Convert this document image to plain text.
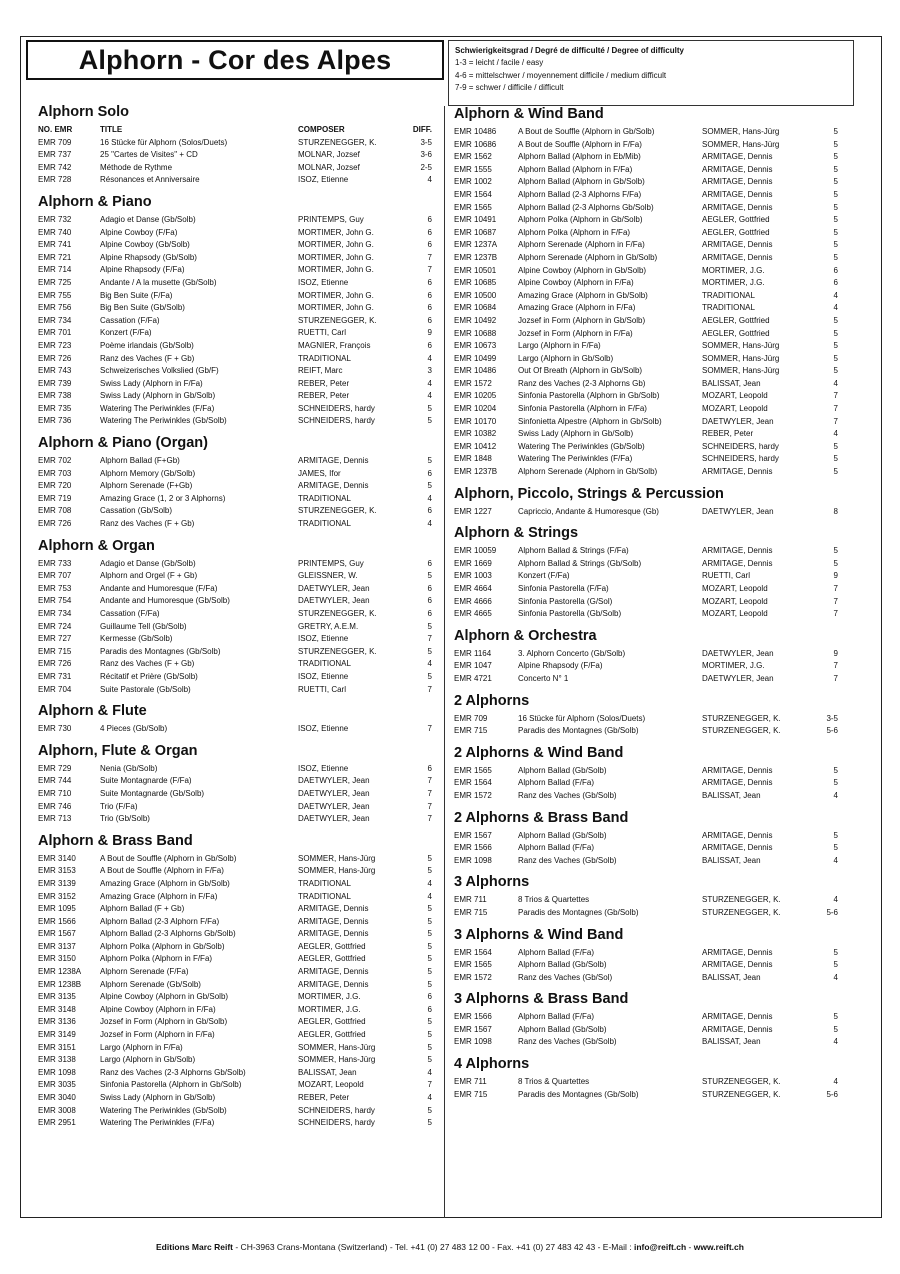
Alphorn - Cor des Alpes	Schwierigkeitsgrad / Degré de difficulté / Degree of difficulty
1-3 = leicht / facile / easy
4-6 = mittelschwer / moyennement difficile / medium difficult
7-9 = schwer / difficile / difficult
Alphorn Solo
NO. EMR	TITLE	COMPOSER	DIFF.
EMR 709	16 Stücke für Alphorn (Solos/Duets)	STURZENEGGER, K.	3-5
EMR 737	25 "Cartes de Visites" + CD	MOLNAR, Jozsef	3-6
EMR 742	Méthode de Rythme	MOLNAR, Jozsef	2-5
EMR 728	Résonances et Anniversaire	ISOZ, Etienne	4
Alphorn & Piano
EMR 732	Adagio et Danse (Gb/Solb)	PRINTEMPS, Guy	6
EMR 740	Alpine Cowboy (F/Fa)	MORTIMER, John G.	6
EMR 741	Alpine Cowboy (Gb/Solb)	MORTIMER, John G.	6
EMR 721	Alpine Rhapsody (Gb/Solb)	MORTIMER, John G.	7
EMR 714	Alpine Rhapsody (F/Fa)	MORTIMER, John G.	7
EMR 725	Andante / A la musette (Gb/Solb)	ISOZ, Etienne	6
EMR 755	Big Ben Suite (F/Fa)	MORTIMER, John G.	6
EMR 756	Big Ben Suite (Gb/Solb)	MORTIMER, John G.	6
EMR 734	Cassation (F/Fa)	STURZENEGGER, K.	6
EMR 701	Konzert (F/Fa)	RUETTI, Carl	9
EMR 723	Poème irlandais (Gb/Solb)	MAGNIER, François	6
EMR 726	Ranz des Vaches (F + Gb)	TRADITIONAL	4
EMR 743	Schweizerisches Volkslied (Gb/F)	REIFT, Marc	3
EMR 739	Swiss Lady (Alphorn in F/Fa)	REBER, Peter	4
EMR 738	Swiss Lady (Alphorn in Gb/Solb)	REBER, Peter	4
EMR 735	Watering The Periwinkles (F/Fa)	SCHNEIDERS, hardy	5
EMR 736	Watering The Periwinkles (Gb/Solb)	SCHNEIDERS, hardy	5
Alphorn & Piano (Organ)
EMR 702	Alphorn Ballad (F+Gb)	ARMITAGE, Dennis	5
EMR 703	Alphorn Memory (Gb/Solb)	JAMES, Ifor	6
EMR 720	Alphorn Serenade (F+Gb)	ARMITAGE, Dennis	5
EMR 719	Amazing Grace (1, 2 or 3 Alphorns)	TRADITIONAL	4
EMR 708	Cassation (Gb/Solb)	STURZENEGGER, K.	6
EMR 726	Ranz des Vaches (F + Gb)	TRADITIONAL	4
Alphorn & Organ
EMR 733	Adagio et Danse (Gb/Solb)	PRINTEMPS, Guy	6
EMR 707	Alphorn and Orgel (F + Gb)	GLEISSNER, W.	5
EMR 753	Andante and Humoresque (F/Fa)	DAETWYLER, Jean	6
EMR 754	Andante and Humoresque (Gb/Solb)	DAETWYLER, Jean	6
EMR 734	Cassation (F/Fa)	STURZENEGGER, K.	6
EMR 724	Guillaume Tell (Gb/Solb)	GRETRY, A.E.M.	5
EMR 727	Kermesse (Gb/Solb)	ISOZ, Etienne	7
EMR 715	Paradis des Montagnes (Gb/Solb)	STURZENEGGER, K.	5
EMR 726	Ranz des Vaches (F + Gb)	TRADITIONAL	4
EMR 731	Récitatif et Prière (Gb/Solb)	ISOZ, Etienne	5
EMR 704	Suite Pastorale (Gb/Solb)	RUETTI, Carl	7
Alphorn & Flute
EMR 730	4 Pieces (Gb/Solb)	ISOZ, Etienne	7
Alphorn, Flute & Organ
EMR 729	Nenia (Gb/Solb)	ISOZ, Etienne	6
EMR 744	Suite Montagnarde (F/Fa)	DAETWYLER, Jean	7
EMR 710	Suite Montagnarde (Gb/Solb)	DAETWYLER, Jean	7
EMR 746	Trio (F/Fa)	DAETWYLER, Jean	7
EMR 713	Trio (Gb/Solb)	DAETWYLER, Jean	7
Alphorn & Brass Band
EMR 3140	A Bout de Souffle (Alphorn in Gb/Solb)	SOMMER, Hans-Jürg	5
EMR 3153	A Bout de Souffle (Alphorn in F/Fa)	SOMMER, Hans-Jürg	5
EMR 3139	Amazing Grace (Alphorn in Gb/Solb)	TRADITIONAL	4
EMR 3152	Amazing Grace (Alphorn in F/Fa)	TRADITIONAL	4
EMR 1095	Alphorn Ballad (F + Gb)	ARMITAGE, Dennis	5
EMR 1566	Alphorn Ballad (2-3 Alphorn F/Fa)	ARMITAGE, Dennis	5
EMR 1567	Alphorn Ballad (2-3 Alphorns Gb/Solb)	ARMITAGE, Dennis	5
EMR 3137	Alphorn Polka (Alphorn in Gb/Solb)	AEGLER, Gottfried	5
EMR 3150	Alphorn Polka (Alphorn in F/Fa)	AEGLER, Gottfried	5
EMR 1238A	Alphorn Serenade (F/Fa)	ARMITAGE, Dennis	5
EMR 1238B	Alphorn Serenade (Gb/Solb)	ARMITAGE, Dennis	5
EMR 3135	Alpine Cowboy (Alphorn in Gb/Solb)	MORTIMER, J.G.	6
EMR 3148	Alpine Cowboy (Alphorn in F/Fa)	MORTIMER, J.G.	6
EMR 3136	Jozsef in Form (Alphorn in Gb/Solb)	AEGLER, Gottfried	5
EMR 3149	Jozsef in Form (Alphorn in F/Fa)	AEGLER, Gottfried	5
EMR 3151	Largo (Alphorn in F/Fa)	SOMMER, Hans-Jürg	5
EMR 3138	Largo (Alphorn in Gb/Solb)	SOMMER, Hans-Jürg	5
EMR 1098	Ranz des Vaches (2-3 Alphorns Gb/Solb)	BALISSAT, Jean	4
EMR 3035	Sinfonia Pastorella (Alphorn in Gb/Solb)	MOZART, Leopold	7
EMR 3040	Swiss Lady (Alphorn in Gb/Solb)	REBER, Peter	4
EMR 3008	Watering The Periwinkles (Gb/Solb)	SCHNEIDERS, hardy	5
EMR 2951	Watering The Periwinkles (F/Fa)	SCHNEIDERS, hardy	5
Alphorn & Wind Band
EMR 10486	A Bout de Souffle (Alphorn in Gb/Solb)	SOMMER, Hans-Jürg	5
EMR 10686	A Bout de Souffle (Alphorn in F/Fa)	SOMMER, Hans-Jürg	5
EMR 1562	Alphorn Ballad (Alphorn in Eb/Mib)	ARMITAGE, Dennis	5
EMR 1555	Alphorn Ballad (Alphorn in F/Fa)	ARMITAGE, Dennis	5
EMR 1002	Alphorn Ballad (Alphorn in Gb/Solb)	ARMITAGE, Dennis	5
EMR 1564	Alphorn Ballad (2-3 Alphorns F/Fa)	ARMITAGE, Dennis	5
EMR 1565	Alphorn Ballad (2-3 Alphorns Gb/Solb)	ARMITAGE, Dennis	5
EMR 10491	Alphorn Polka (Alphorn in Gb/Solb)	AEGLER, Gottfried	5
EMR 10687	Alphorn Polka (Alphorn in F/Fa)	AEGLER, Gottfried	5
EMR 1237A	Alphorn Serenade (Alphorn in F/Fa)	ARMITAGE, Dennis	5
EMR 1237B	Alphorn Serenade (Alphorn in Gb/Solb)	ARMITAGE, Dennis	5
EMR 10501	Alpine Cowboy (Alphorn in Gb/Solb)	MORTIMER, J.G.	6
EMR 10685	Alpine Cowboy (Alphorn in F/Fa)	MORTIMER, J.G.	6
EMR 10500	Amazing Grace (Alphorn in Gb/Solb)	TRADITIONAL	4
EMR 10684	Amazing Grace (Alphorn in F/Fa)	TRADITIONAL	4
EMR 10492	Jozsef in Form (Alphorn in Gb/Solb)	AEGLER, Gottfried	5
EMR 10688	Jozsef in Form (Alphorn in F/Fa)	AEGLER, Gottfried	5
EMR 10673	Largo (Alphorn in F/Fa)	SOMMER, Hans-Jürg	5
EMR 10499	Largo (Alphorn in Gb/Solb)	SOMMER, Hans-Jürg	5
EMR 10486	Out Of Breath (Alphorn in Gb/Solb)	SOMMER, Hans-Jürg	5
EMR 1572	Ranz des Vaches (2-3 Alphorns Gb)	BALISSAT, Jean	4
EMR 10205	Sinfonia Pastorella (Alphorn in Gb/Solb)	MOZART, Leopold	7
EMR 10204	Sinfonia Pastorella (Alphorn in F/Fa)	MOZART, Leopold	7
EMR 10170	Sinfonietta Alpestre (Alphorn in Gb/Solb)	DAETWYLER, Jean	7
EMR 10382	Swiss Lady (Alphorn in Gb/Solb)	REBER, Peter	4
EMR 10412	Watering The Periwinkles (Gb/Solb)	SCHNEIDERS, hardy	5
EMR 1848	Watering The Periwinkles (F/Fa)	SCHNEIDERS, hardy	5
EMR 1237B	Alphorn Serenade (Alphorn in Gb/Solb)	ARMITAGE, Dennis	5
Alphorn, Piccolo, Strings & Percussion
EMR 1227	Capriccio, Andante & Humoresque (Gb)	DAETWYLER, Jean	8
Alphorn & Strings
EMR 10059	Alphorn Ballad & Strings (F/Fa)	ARMITAGE, Dennis	5
EMR 1669	Alphorn Ballad & Strings (Gb/Solb)	ARMITAGE, Dennis	5
EMR 1003	Konzert (F/Fa)	RUETTI, Carl	9
EMR 4664	Sinfonia Pastorella (F/Fa)	MOZART, Leopold	7
EMR 4666	Sinfonia Pastorella (G/Sol)	MOZART, Leopold	7
EMR 4665	Sinfonia Pastorella (Gb/Solb)	MOZART, Leopold	7
Alphorn & Orchestra
EMR 1164	3. Alphorn Concerto (Gb/Solb)	DAETWYLER, Jean	9
EMR 1047	Alpine Rhapsody (F/Fa)	MORTIMER, J.G.	7
EMR 4721	Concerto N° 1	DAETWYLER, Jean	7
2 Alphorns
EMR 709	16 Stücke für Alphorn (Solos/Duets)	STURZENEGGER, K.	3-5
EMR 715	Paradis des Montagnes (Gb/Solb)	STURZENEGGER, K.	5-6
2 Alphorns & Wind Band
EMR 1565	Alphorn Ballad (Gb/Solb)	ARMITAGE, Dennis	5
EMR 1564	Alphorn Ballad (F/Fa)	ARMITAGE, Dennis	5
EMR 1572	Ranz des Vaches (Gb/Solb)	BALISSAT, Jean	4
2 Alphorns & Brass Band
EMR 1567	Alphorn Ballad (Gb/Solb)	ARMITAGE, Dennis	5
EMR 1566	Alphorn Ballad (F/Fa)	ARMITAGE, Dennis	5
EMR 1098	Ranz des Vaches (Gb/Solb)	BALISSAT, Jean	4
3 Alphorns
EMR 711	8 Trios & Quartettes	STURZENEGGER, K.	4
EMR 715	Paradis des Montagnes (Gb/Solb)	STURZENEGGER, K.	5-6
3 Alphorns & Wind Band
EMR 1564	Alphorn Ballad (F/Fa)	ARMITAGE, Dennis	5
EMR 1565	Alphorn Ballad (Gb/Solb)	ARMITAGE, Dennis	5
EMR 1572	Ranz des Vaches (Gb/Sol)	BALISSAT, Jean	4
3 Alphorns & Brass Band
EMR 1566	Alphorn Ballad (F/Fa)	ARMITAGE, Dennis	5
EMR 1567	Alphorn Ballad (Gb/Solb)	ARMITAGE, Dennis	5
EMR 1098	Ranz des Vaches (Gb/Solb)	BALISSAT, Jean	4
4 Alphorns
EMR 711	8 Trios & Quartettes	STURZENEGGER, K.	4
EMR 715	Paradis des Montagnes (Gb/Solb)	STURZENEGGER, K.	5-6
Editions Marc Reift - CH-3963 Crans-Montana (Switzerland) - Tel. +41 (0) 27 483 12 00 - Fax. +41 (0) 27 483 42 43 - E-Mail : info@reift.ch - www.reift.ch
